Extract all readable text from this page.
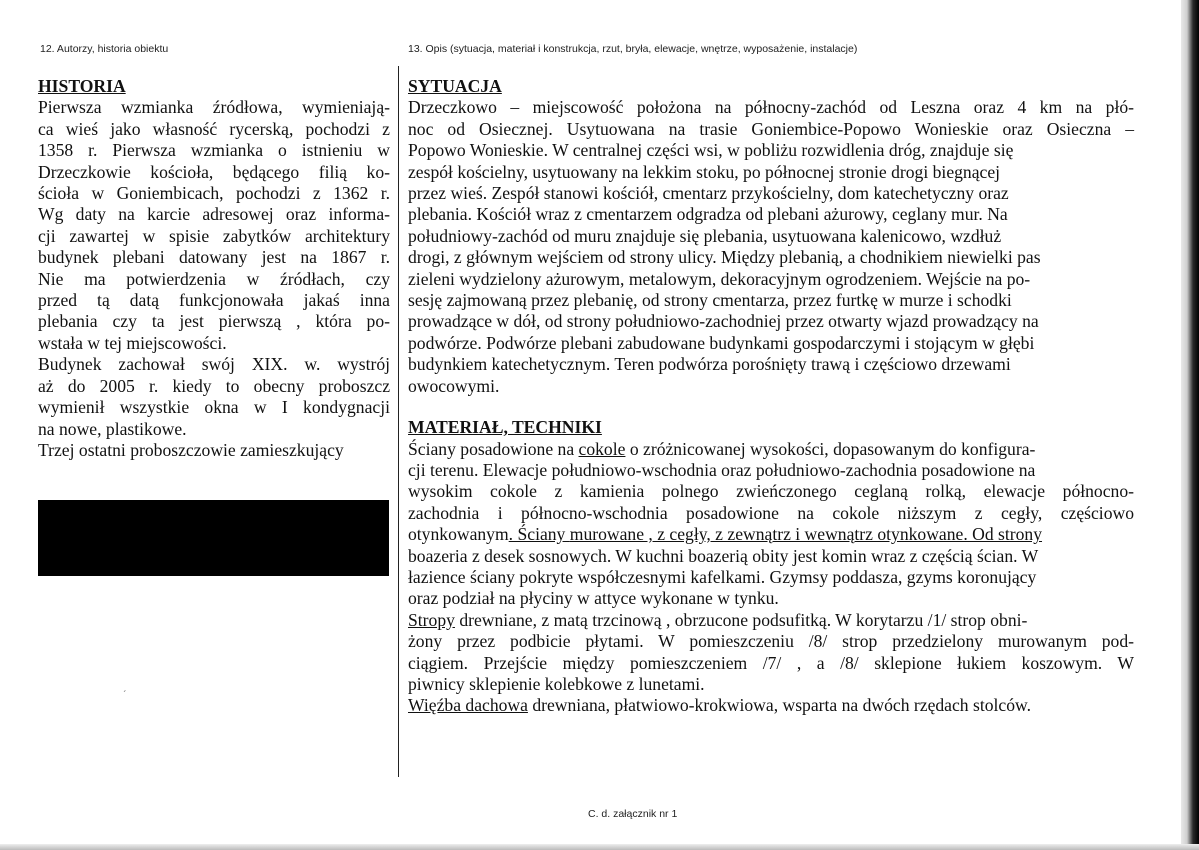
12. Autorzy, historia obiektu	13. Opis (sytuacja, materiał i konstrukcja, rzut, bryła, elewacje, wnętrze, wyposażenie, instalacje)
HISTORIA
Pierwsza wzmianka źródłowa, wymieniają-
ca wieś jako własność rycerską, pochodzi z
1358 r. Pierwsza wzmianka o istnieniu w
Drzeczkowie kościoła, będącego filią ko-
ścioła w Goniembicach, pochodzi z 1362 r.
Wg daty na karcie adresowej oraz informa-
cji zawartej w spisie zabytków architektury
budynek plebani datowany jest na 1867 r.
Nie ma potwierdzenia w źródłach, czy
przed tą datą funkcjonowała jakaś inna
plebania czy ta jest pierwszą , która po-
wstała w tej miejscowości.
Budynek zachował swój XIX. w. wystrój
aż do 2005 r. kiedy to obecny proboszcz
wymienił wszystkie okna w I kondygnacji
na nowe, plastikowe.
Trzej ostatni proboszczowie zamieszkujący
´
SYTUACJA
Drzeczkowo – miejscowość położona na północny-zachód od Leszna oraz 4 km na płó-
noc od Osiecznej. Usytuowana na trasie Goniembice-Popowo Wonieskie oraz Osieczna –
Popowo Wonieskie. W centralnej części wsi, w pobliżu rozwidlenia dróg, znajduje się
zespół kościelny, usytuowany na lekkim stoku, po północnej stronie drogi biegnącej
przez wieś. Zespół stanowi kościół, cmentarz przykościelny, dom katechetyczny oraz
plebania. Kościół wraz z cmentarzem odgradza od plebani ażurowy, ceglany mur. Na
południowy-zachód od muru znajduje się plebania, usytuowana kalenicowo, wzdłuż
drogi, z głównym wejściem od strony ulicy. Między plebanią, a chodnikiem niewielki pas
zieleni wydzielony ażurowym, metalowym, dekoracyjnym ogrodzeniem. Wejście na po-
sesję zajmowaną przez plebanię, od strony cmentarza, przez furtkę w murze i schodki
prowadzące w dół, od strony południowo-zachodniej przez otwarty wjazd prowadzący na
podwórze. Podwórze plebani zabudowane budynkami gospodarczymi i stojącym w głębi
budynkiem katechetycznym. Teren podwórza porośnięty trawą i częściowo drzewami
owocowymi.
MATERIAŁ, TECHNIKI
Ściany posadowione na cokole o zróżnicowanej wysokości, dopasowanym do konfigura-
cji terenu. Elewacje południowo-wschodnia oraz południowo-zachodnia posadowione na
wysokim cokole z kamienia polnego zwieńczonego ceglaną rolką, elewacje północno-
zachodnia i północno-wschodnia posadowione na cokole niższym z cegły, częściowo
otynkowanym. Ściany murowane , z cegły, z zewnątrz i wewnątrz otynkowane. Od strony
boazeria z desek sosnowych. W kuchni boazerią obity jest komin wraz z częścią ścian. W
łazience ściany pokryte współczesnymi kafelkami. Gzymsy poddasza, gzyms koronujący
oraz podział na płyciny w attyce wykonane w tynku.
Stropy drewniane, z matą trzcinową , obrzucone podsufitką. W korytarzu /1/ strop obni-
żony przez podbicie płytami. W pomieszczeniu /8/ strop przedzielony murowanym pod-
ciągiem. Przejście między pomieszczeniem /7/ , a /8/ sklepione łukiem koszowym. W
piwnicy sklepienie kolebkowe z lunetami.
Więźba dachowa drewniana, płatwiowo-krokwiowa, wsparta na dwóch rzędach stolców.
C. d. załącznik nr 1
